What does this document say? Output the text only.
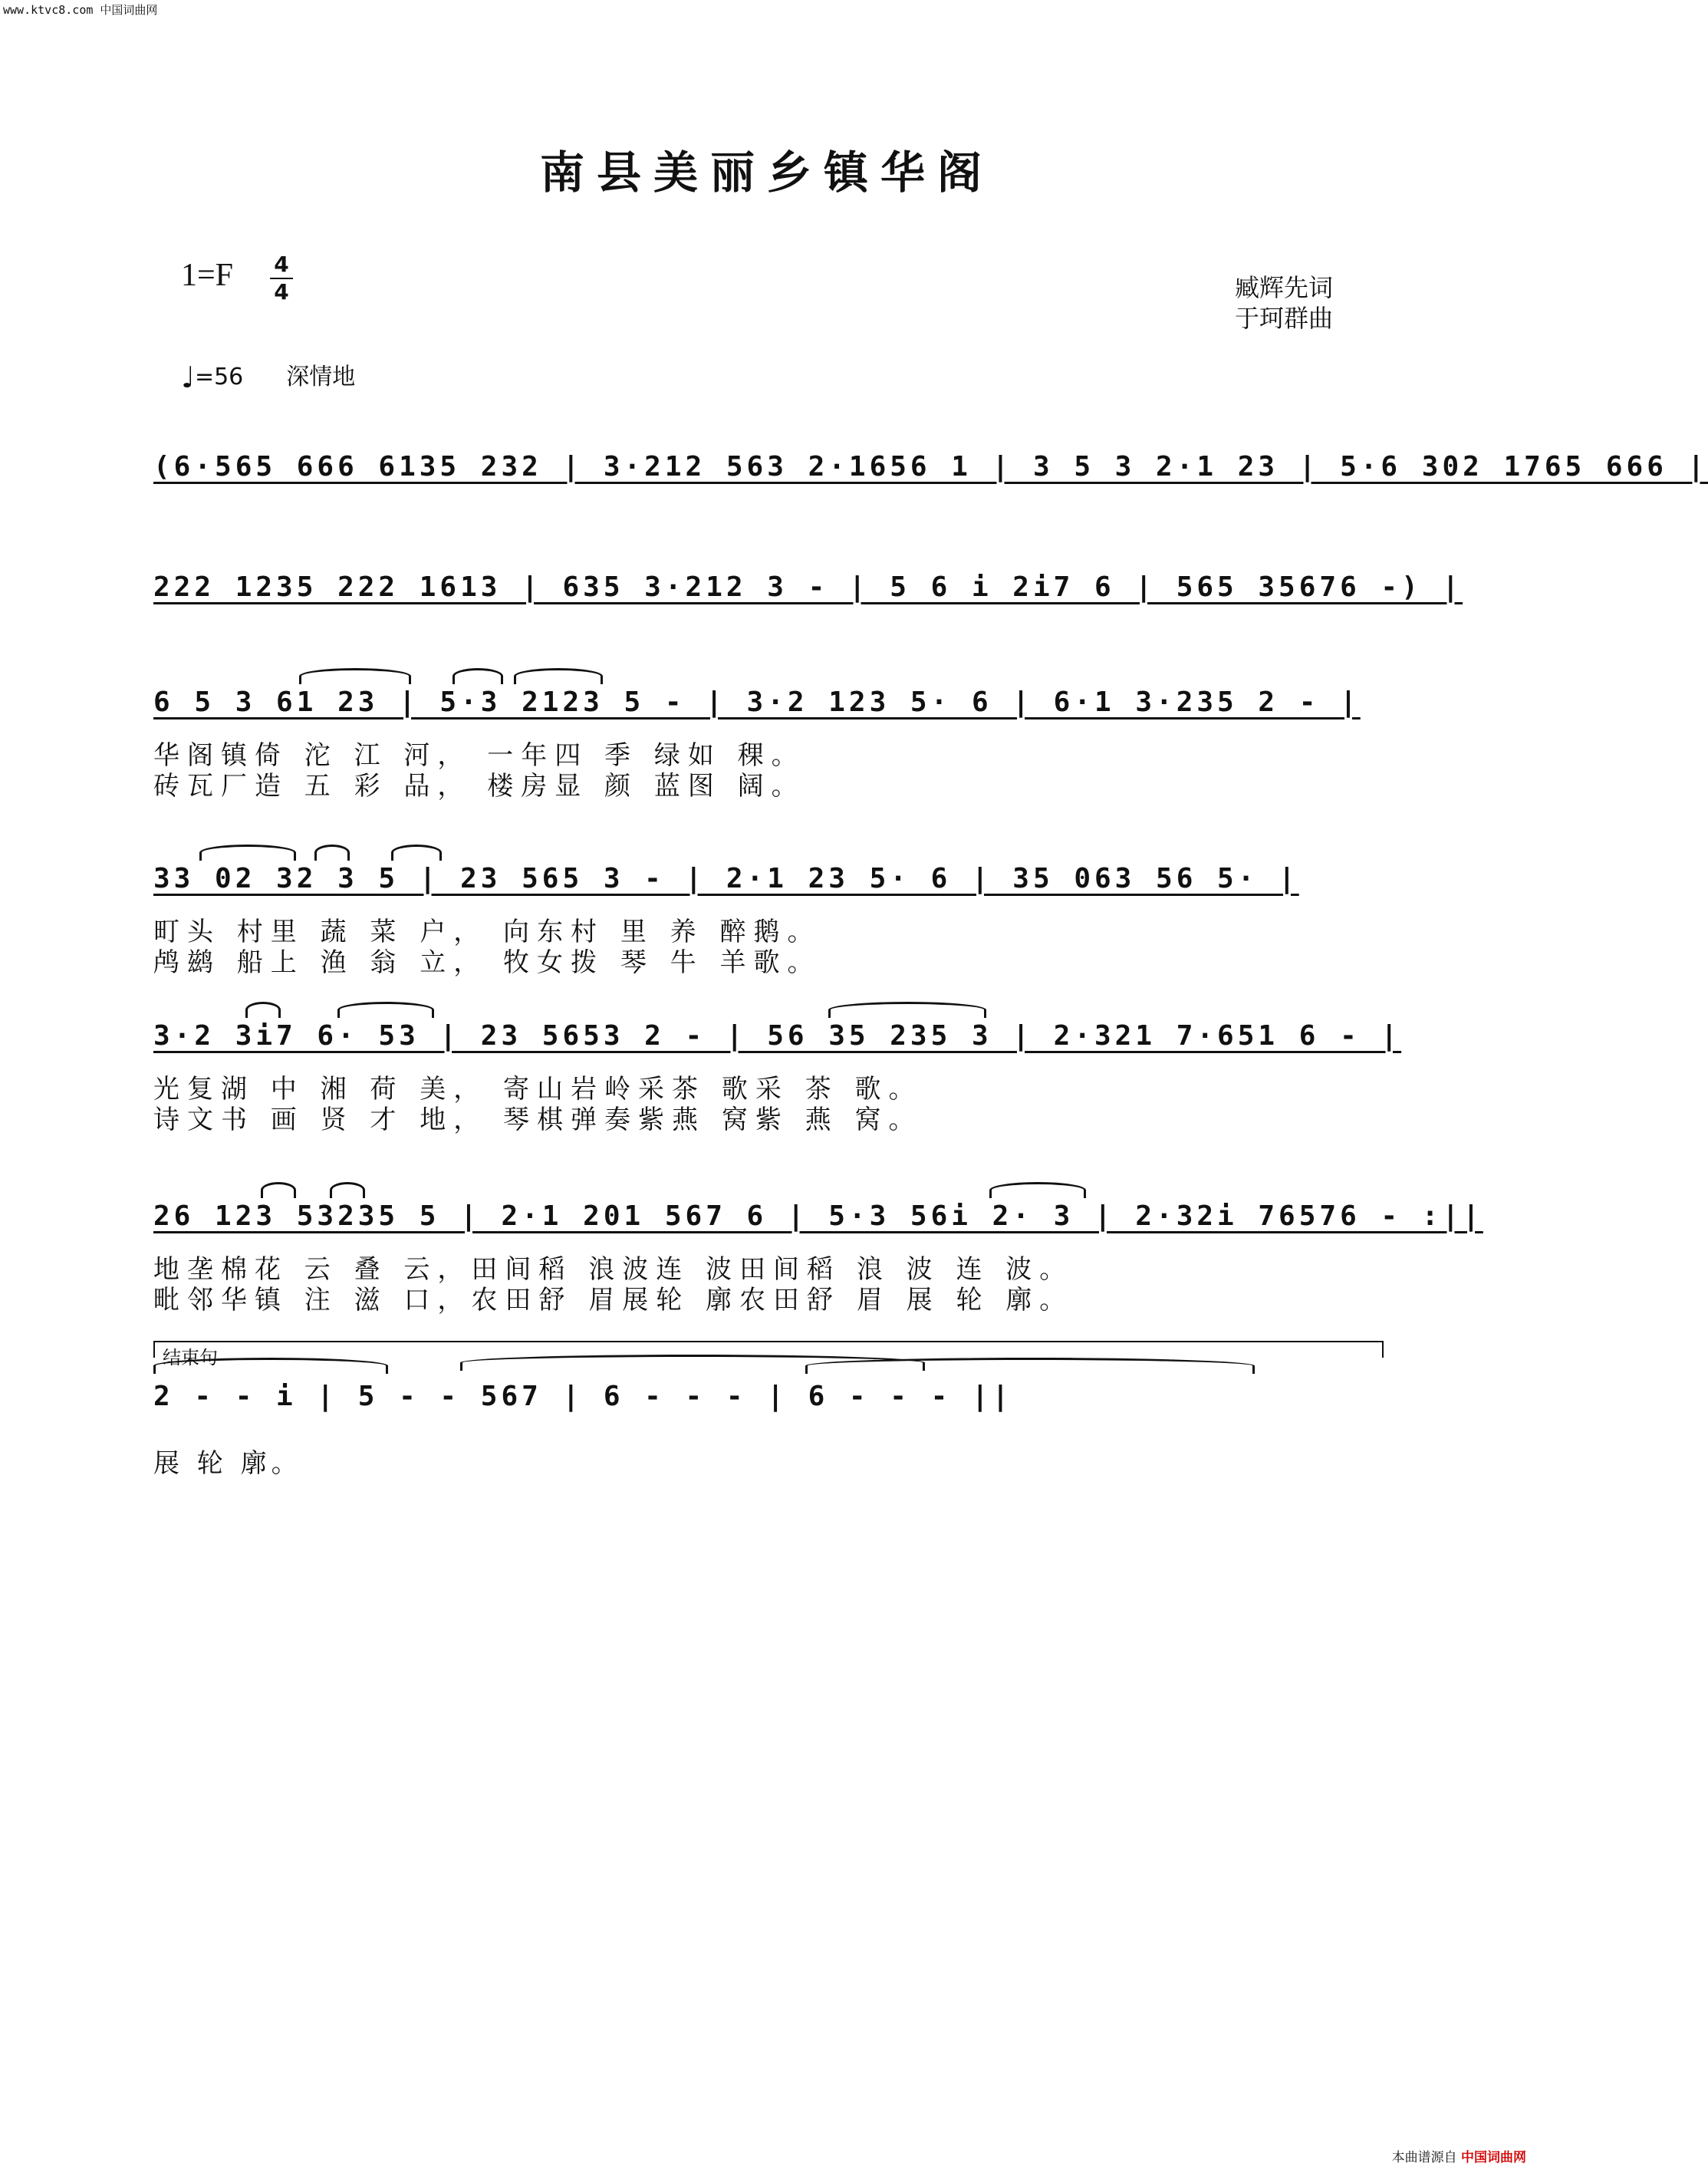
www.ktvc8.com 中国词曲网
南县美丽乡镇华阁
1=F 4
4	臧辉先词
于珂群曲
♩=56 深情地
(6·565 666 6135 232 | 3·212 563 2·1656 1 | 3 5 3 2·1 23 | 5·6 302 1765 666 |
222 1235 222 1613 | 635 3·212 3 - | 5 6 i 2i7 6 | 565 35676 -) |
6 5 3 61 23 | 5·3 2123 5 - | 3·2 123 5· 6 | 6·1 3·235 2 - |
华阁镇倚 沱 江 河， 一年四 季 绿如 稞。
砖瓦厂造 五 彩 品， 楼房显 颜 蓝图 阔。
33 02 32 3 5 | 23 565 3 - | 2·1 23 5· 6 | 35 063 56 5· |
町头 村里 蔬 菜 户， 向东村 里 养 醉鹅。
鸬鹚 船上 渔 翁 立， 牧女拨 琴 牛 羊歌。
3·2 3i7 6· 53 | 23 5653 2 - | 56 35 235 3 | 2·321 7·651 6 - |
光复湖 中 湘 荷 美， 寄山岩岭采茶 歌采 茶 歌。
诗文书 画 贤 才 地， 琴棋弹奏紫燕 窝紫 燕 窝。
26 123 53235 5 | 2·1 201 567 6 | 5·3 56i 2· 3 | 2·32i 76576 - :||
地垄棉花 云 叠 云，田间稻 浪波连 波田间稻 浪 波 连 波。
毗邻华镇 注 滋 口，农田舒 眉展轮 廓农田舒 眉 展 轮 廓。
结束句
2 - - i | 5 - - 567 | 6 - - - | 6 - - - ||
展 轮 廓。
本曲谱源自 中国词曲网
